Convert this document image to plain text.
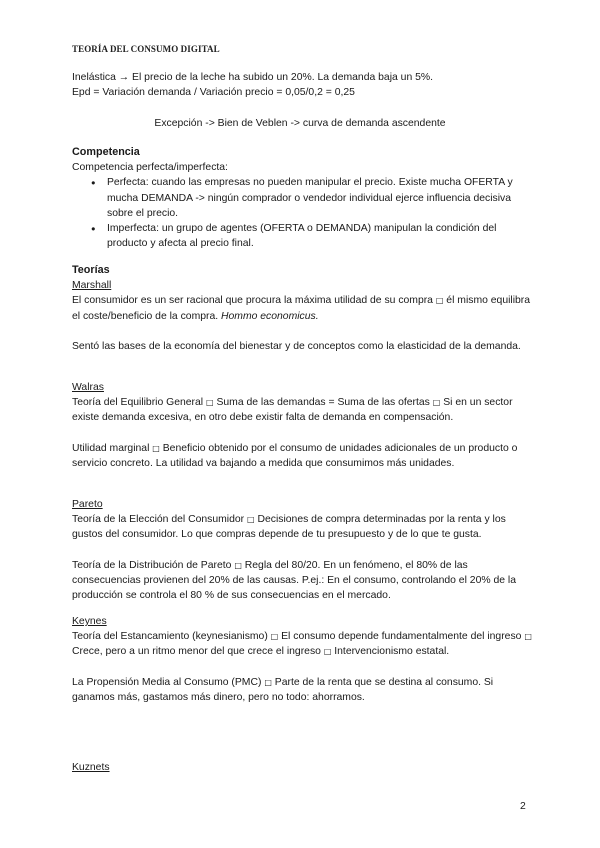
TEORÍA DEL CONSUMO DIGITAL

Inelástica → El precio de la leche ha subido un 20%. La demanda baja un 5%.

Epd = Variación demanda / Variación precio = 0,05/0,2 = 0,25

Excepción -> Bien de Veblen -> curva de demanda ascendente

Competencia

Competencia perfecta/imperfecta:

● Perfecta: cuando las empresas no pueden manipular el precio. Existe mucha OFERTA y mucha DEMANDA -> ningún comprador o vendedor individual ejerce influencia decisiva sobre el precio.
● Imperfecta: un grupo de agentes (OFERTA o DEMANDA) manipulan la condición del producto y afecta al precio final.

Teorías

Marshall

El consumidor es un ser racional que procura la máxima utilidad de su compra □ él mismo equilibra el coste/beneficio de la compra. Hommo economicus.

Sentó las bases de la economía del bienestar y de conceptos como la elasticidad de la demanda.

Walras

Teoría del Equilibrio General □ Suma de las demandas = Suma de las ofertas □ Si en un sector existe demanda excesiva, en otro debe existir falta de demanda en compensación.

Utilidad marginal □ Beneficio obtenido por el consumo de unidades adicionales de un producto o servicio concreto. La utilidad va bajando a medida que consumimos más unidades.

Pareto

Teoría de la Elección del Consumidor □ Decisiones de compra determinadas por la renta y los gustos del consumidor. Lo que compras depende de tu presupuesto y de lo que te gusta.

Teoría de la Distribución de Pareto □ Regla del 80/20. En un fenómeno, el 80% de las consecuencias provienen del 20% de las causas. P.ej.: En el consumo, controlando el 20% de la producción se controla el 80 % de sus consecuencias en el mercado.

Keynes

Teoría del Estancamiento (keynesianismo) □ El consumo depende fundamentalmente del ingreso □ Crece, pero a un ritmo menor del que crece el ingreso □ Intervencionismo estatal.

La Propensión Media al Consumo (PMC) □ Parte de la renta que se destina al consumo. Si ganamos más, gastamos más dinero, pero no todo: ahorramos.

Kuznets

2
